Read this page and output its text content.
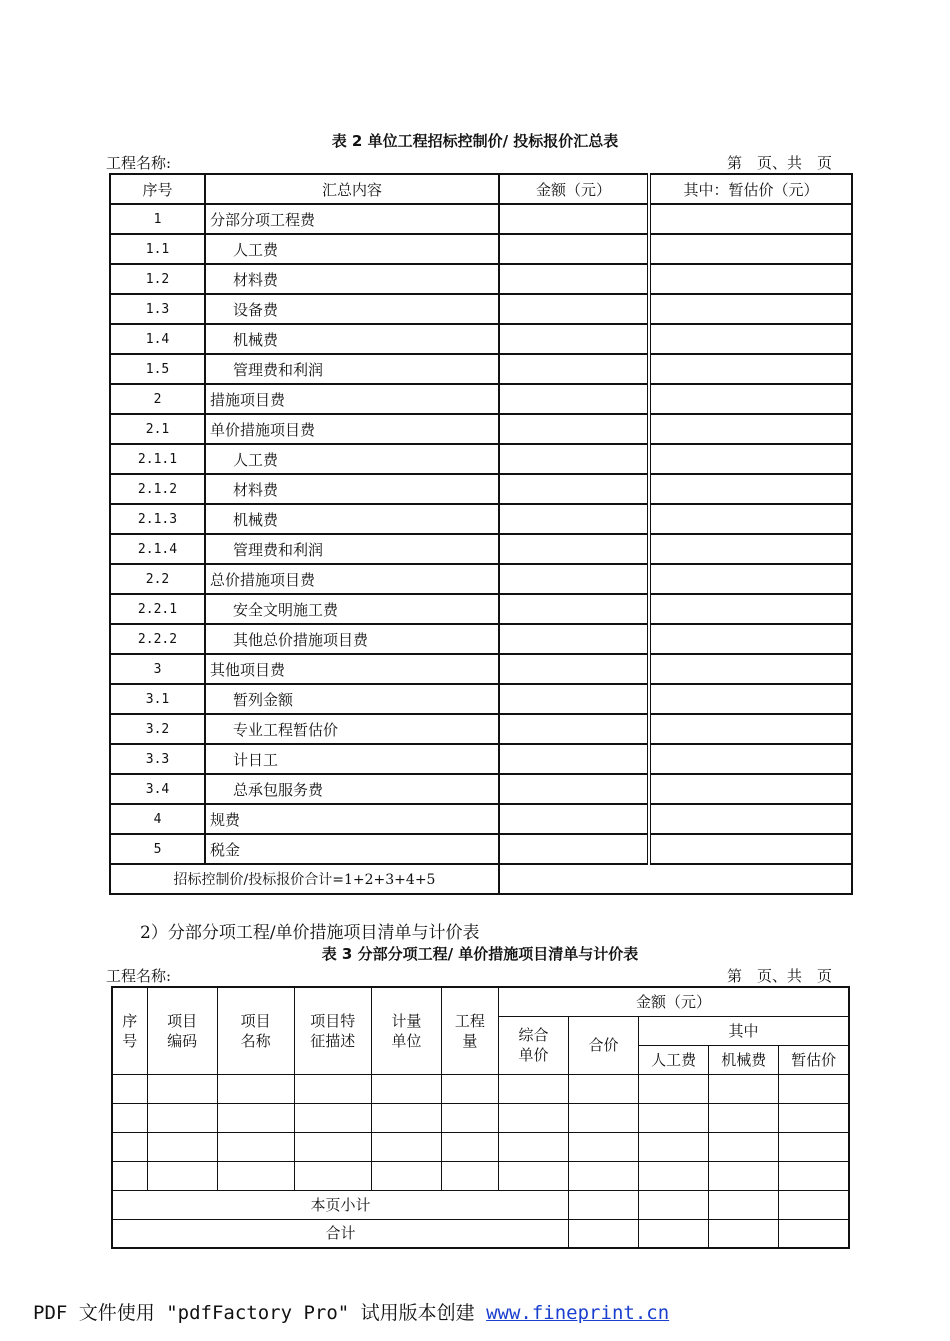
表 2 单位工程招标控制价/ 投标报价汇总表
工程名称:	第　页、共　页
序号	汇总内容	金额（元）	其中：暂估价（元）
1	分部分项工程费		
1.1	人工费		
1.2	材料费		
1.3	设备费		
1.4	机械费		
1.5	管理费和利润		
2	措施项目费		
2.1	单价措施项目费		
2.1.1	人工费		
2.1.2	材料费		
2.1.3	机械费		
2.1.4	管理费和利润		
2.2	总价措施项目费		
2.2.1	安全文明施工费		
2.2.2	其他总价措施项目费		
3	其他项目费		
3.1	暂列金额		
3.2	专业工程暂估价		
3.3	计日工		
3.4	总承包服务费		
4	规费		
5	税金		
招标控制价/投标报价合计=1+2+3+4+5			
2）分部分项工程/单价措施项目清单与计价表
表 3 分部分项工程/ 单价措施项目清单与计价表
工程名称:	第　页、共　页
序号	项目编码	项目名称	项目特征描述	计量单位	工程量	金额（元）				
						综合单价	合价	其中		
								人工费	机械费	暂估价

本页小计										
合计										
PDF 文件使用 "pdfFactory Pro" 试用版本创建 www.fineprint.cn
